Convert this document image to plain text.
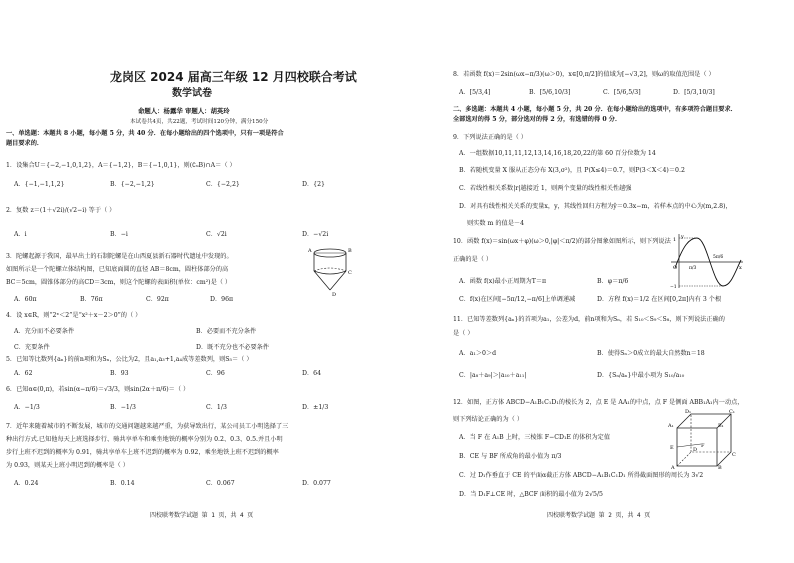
龙岗区 2024 届高三年级 12 月四校联合考试
数学试卷
命题人：杨露华 审题人：胡英玲
本试卷共4页，共22题，考试时间120分钟，满分150分
一、单选题：本题共 8 小题，每小题 5 分，共 40 分．在每小题给出的四个选项中，只有一项是符合
题目要求的．
1．设集合U＝{−2,−1,0,1,2}，A＝{−1,2}，B＝{−1,0,1}，则(∁ᵤB)∩A＝（ ）
A．{−1,−1,1,2}	B．{−2,−1,2}	C．{−2,2}	D．{2}
2．复数 z＝(1＋√2i)/(√2−i) 等于（ ）
A．i	B．−i	C．√2i	D．−√2i
3．陀螺起源于我国，最早出土的石制陀螺是在山西夏县新石器时代遗址中发现的。
如图所示是一个陀螺立体结构图，已知底面圆的直径 AB＝8cm，圆柱体部分的高
BC＝5cm，圆锥体部分的高CD＝3cm，则这个陀螺的表面积(单位：cm²)是（ ）
A．60π	B．76π	C．92π	D．96π
A	B
C
D
4．设 x∈R，则“2ˣ＜2”是“x²＋x－2＞0”的（ ）
A．充分而不必要条件	B．必要而不充分条件
C．充要条件	D．既不充分也不必要条件
5．已知等比数列{aₙ}的前n项和为Sₙ，公比为2，且a₁,a₃+1,a₄成等差数列，则S₅＝（ ）
A．62	B．93	C．96	D．64
6．已知α∈(0,π)，若sin(α−π/6)＝√3/3，则sin(2α＋π/6)＝（ ）
A．−1/3	B．−1/3	C．1/3	D．±1/3
7．近年来随着城市的不断发展，城市的交通问题越来越严重，为获导致出行，某公司员工小明选择了三
种出行方式.已知他每天上班选择步行、骑共享单车和乘坐地铁的概率分别为 0.2、0.3、0.5.并且小明
步行上班不迟到的概率为 0.91，骑共享单车上班不迟到的概率为 0.92，乘坐地铁上班不迟到的概率
为 0.93，则某天上班小明迟到的概率是（ ）
A．0.24	B．0.14	C．0.067	D．0.077
四校联考数学试题 第 1 页，共 4 页
8．若函数 f(x)＝2sin(ωx−π/3)(ω＞0)，x∈[0,π/2]的值域为[−√3,2]，则ω的取值范围是（ ）
A．[5/3,4]	B．[5/6,10/3]	C．[5/6,5/3]	D．[5/3,10/3]
二、多选题：本题共 4 小题，每小题 5 分，共 20 分．在每小题给出的选项中，有多项符合题目要求．
全部选对的得 5 分，部分选对的得 2 分，有选错的得 0 分．
9．下列说法正确的是（ ）
A．一组数据10,11,11,12,13,14,16,18,20,22的第 60 百分位数为 14
B．若随机变量 X 服从正态分布 X(3,σ²)，且 P(X≤4)＝0.7，则P(3＜X＜4)＝0.2
C．若线性相关系数|r|越接近 1，则两个变量的线性相关性越强
D．对具有线性相关关系的变量x，y，其线性回归方程为ŷ＝0.3x−m，若样本点的中心为(m,2.8)，
则实数 m 的值是－4
10．函数 f(x)＝sin(ωx＋φ)(ω＞0,|φ|＜π/2)的部分图象如图所示，则下列说法
正确的是（ ）
A．函数 f(x)最小正周期为T＝π	B．φ＝π/6
C．f(x)在区间[−5π/12,−π/6]上单调递减	D．方程 f(x)＝1/2 在区间[0,2π]内有 3 个根
y
1
π/3
5π/6
x
O
−1
11．已知等差数列{aₙ}的首项为a₁，公差为d，前n项和为Sₙ，若 S₁₀＜S₉＜S₈，则下列说法正确的
是（ ）
A．a₁＞0＞d	B．使得Sₙ＞0成立的最大自然数n＝18
C．|a₈＋a₉|＞|a₁₀＋a₁₁|	D．{Sₙ/aₙ}中最小项为 S₁₀/a₁₀
12．如图，正方体 ABCD−A₁B₁C₁D₁的棱长为 2，点 E 是 AA₁的中点，点 F 是侧面 ABB₁A₁内一动点，
则下列结论正确的为（ ）
A．当 F 在 A₁B 上时，三棱锥 F−CD₁E 的体积为定值
B．CE 与 BF 所成角的最小值为 π/3
C．过 D₁作垂直于 CE 的平面α截正方体 ABCD−A₁B₁C₁D₁ 所得截面图形的周长为 3√2
D．当 D₁F⊥CE 时，△BCF 面积的最小值为 2√5/5
D₁	C₁
A₁	B₁
E	F
D
C
A	B
四校联考数学试题 第 2 页，共 4 页
